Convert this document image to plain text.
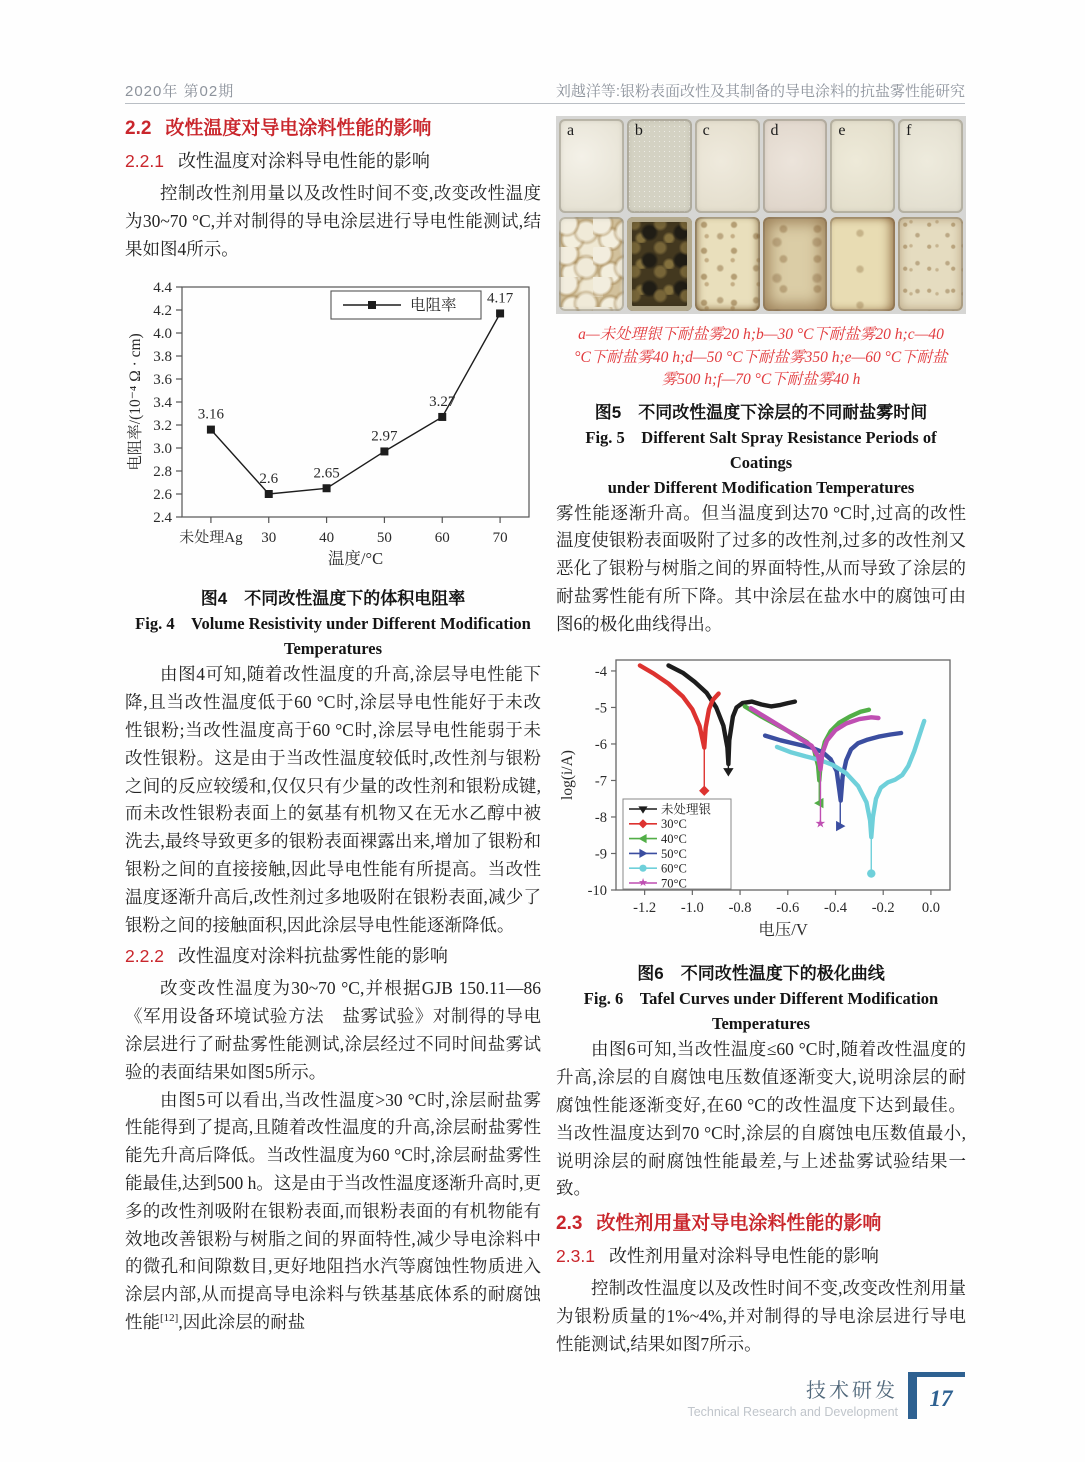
2020年 第02期	刘越洋等:银粉表面改性及其制备的导电涂料的抗盐雾性能研究
2.2 改性温度对导电涂料性能的影响
2.2.1 改性温度对涂料导电性能的影响

控制改性剂用量以及改性时间不变,改变改性温度为30~70 °C,并对制得的导电涂层进行导电性能测试,结果如图4所示。

2.4
2.6
2.8
3.0
3.2
3.4
3.6
3.8
4.0
4.2
4.4
未处理Ag 30	40	50	60	70
3.16
2.6 2.65
2.97
3.27
4.17
电阻率
温度/°C
电阻率/(10⁻⁴ Ω · cm)
图4　不同改性温度下的体积电阻率
Fig. 4　Volume Resistivity under Different Modification
Temperatures

由图4可知,随着改性温度的升高,涂层导电性能下降,且当改性温度低于60 °C时,涂层导电性能好于未改性银粉;当改性温度高于60 °C时,涂层导电性能弱于未改性银粉。这是由于当改性温度较低时,改性剂与银粉之间的反应较缓和,仅仅只有少量的改性剂和银粉成键,而未改性银粉表面上的氨基有机物又在无水乙醇中被洗去,最终导致更多的银粉表面裸露出来,增加了银粉和银粉之间的直接接触,因此导电性能有所提高。当改性温度逐渐升高后,改性剂过多地吸附在银粉表面,减少了银粉之间的接触面积,因此涂层导电性能逐渐降低。

2.2.2 改性温度对涂料抗盐雾性能的影响

改变改性温度为30~70 °C,并根据GJB 150.11—86《军用设备环境试验方法　盐雾试验》对制得的导电涂层进行了耐盐雾性能测试,涂层经过不同时间盐雾试验的表面结果如图5所示。

由图5可以看出,当改性温度>30 °C时,涂层耐盐雾性能得到了提高,且随着改性温度的升高,涂层耐盐雾性能先升高后降低。当改性温度为60 °C时,涂层耐盐雾性能最佳,达到500 h。这是由于当改性温度逐渐升高时,更多的改性剂吸附在银粉表面,而银粉表面的有机物能有效地改善银粉与树脂之间的界面特性,减少导电涂料中的微孔和间隙数目,更好地阻挡水汽等腐蚀性物质进入涂层内部,从而提高导电涂料与铁基基底体系的耐腐蚀性能[12],因此涂层的耐盐

a	b	c	d	e	f
a—未处理银下耐盐雾20 h;b—30 °C下耐盐雾20 h;c—40
°C下耐盐雾40 h;d—50 °C下耐盐雾350 h;e—60 °C下耐盐
雾500 h;f—70 °C下耐盐雾40 h
图5　不同改性温度下涂层的不同耐盐雾时间
Fig. 5　Different Salt Spray Resistance Periods of Coatings
under Different Modification Temperatures

雾性能逐渐升高。但当温度到达70 °C时,过高的改性温度使银粉表面吸附了过多的改性剂,过多的改性剂又恶化了银粉与树脂之间的界面特性,从而导致了涂层的耐盐雾性能有所下降。其中涂层在盐水中的腐蚀可由图6的极化曲线得出。

-10
-9
-8
-7
-6
-5
-4
-1.2 -1.0 -0.8 -0.6 -0.4 -0.2 0.0
★
未处理银
30°C
40°C
50°C
60°C
★ 70°C
电压/V
log(i/A)
图6　不同改性温度下的极化曲线
Fig. 6　Tafel Curves under Different Modification
Temperatures

由图6可知,当改性温度≤60 °C时,随着改性温度的升高,涂层的自腐蚀电压数值逐渐变大,说明涂层的耐腐蚀性能逐渐变好,在60 °C的改性温度下达到最佳。当改性温度达到70 °C时,涂层的自腐蚀电压数值最小,说明涂层的耐腐蚀性能最差,与上述盐雾试验结果一致。

2.3 改性剂用量对导电涂料性能的影响
2.3.1 改性剂用量对涂料导电性能的影响

控制改性温度以及改性时间不变,改变改性剂用量为银粉质量的1%~4%,并对制得的导电涂层进行导电性能测试,结果如图7所示。

技术研发
Technical Research and Development
17
